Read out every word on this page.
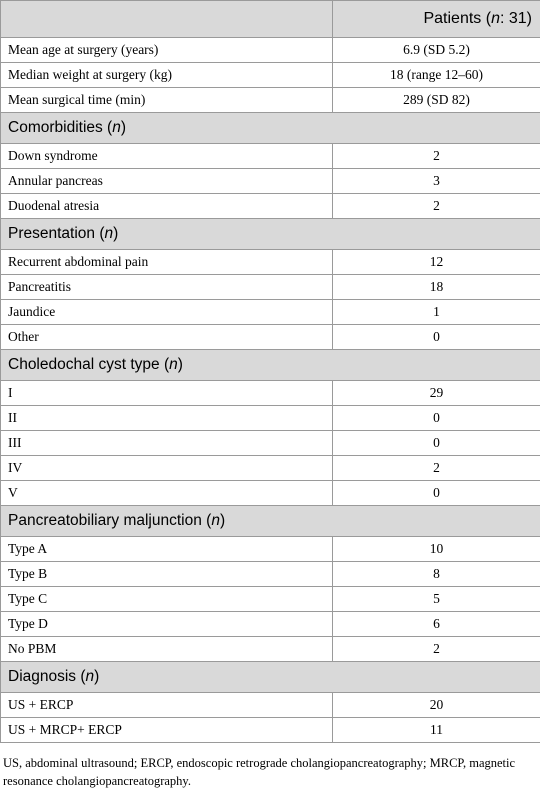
	Patients (n: 31)
Mean age at surgery (years)	6.9 (SD 5.2)
Median weight at surgery (kg)	18 (range 12–60)
Mean surgical time (min)	289 (SD 82)
Comorbidities (n)	
Down syndrome	2
Annular pancreas	3
Duodenal atresia	2
Presentation (n)	
Recurrent abdominal pain	12
Pancreatitis	18
Jaundice	1
Other	0
Choledochal cyst type (n)	
I	29
II	0
III	0
IV	2
V	0
Pancreatobiliary maljunction (n)	
Type A	10
Type B	8
Type C	5
Type D	6
No PBM	2
Diagnosis (n)	
US + ERCP	20
US + MRCP+ ERCP	11
US, abdominal ultrasound; ERCP, endoscopic retrograde cholangiopancreatography; MRCP, magnetic resonance cholangiopancreatography.
